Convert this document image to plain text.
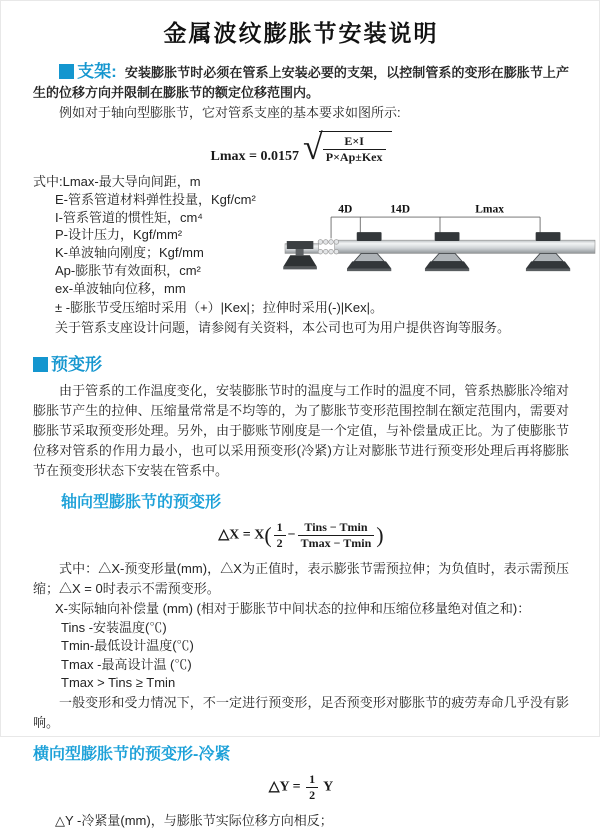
金属波纹膨胀节安装说明

支架: 安装膨胀节时必须在管系上安装必要的支架，以控制管系的变形在膨胀节上产生的位移方向并限制在膨胀节的额定位移范围内。

例如对于轴向型膨胀节，它对管系支座的基本要求如图所示:

Lmax = 0.0157 √ $\frac{E\times I}{\text{P×Ap±Kex}}$
式中:Lmax-最大导向间距，m
E-管系管道材料弹性投量，Kgf/cm²
I-管系管道的惯性矩，cm⁴
P-设计压力，Kgf/mm²
K-单波轴向刚度；Kgf/mm
Ap-膨胀节有效面积，cm²
ex-单波轴向位移，mm
4D	14D	Lmax

± -膨胀节受压缩时采用（+）|Kex|；拉伸时采用(-)|Kex|。

关于管系支座设计问题，请参阅有关资料，本公司也可为用户提供咨询等服务。

预变形

由于管系的工作温度变化，安装膨胀节时的温度与工作时的温度不同，管系热膨胀冷缩对膨胀节产生的拉伸、压缩量常常是不均等的，为了膨胀节变形范围控制在额定范围内，需要对膨胀节采取预变形处理。另外，由于膨账节刚度是一个定值，与补偿量成正比。为了使膨胀节位移对管系的作用力最小，也可以采用预变形(冷紧)方让对膨胀节进行预变形处理后再将膨胀节在预变形状态下安装在管系中。

轴向型膨胀节的预变形
△X = $X( \frac{1}{2} - \frac{\text{Tins − Tmin}}{Tmax - Tmin}$ )

式中：△X-预变形量(mm)，△X为正值时，表示膨张节需预拉伸；为负值时，表示需预压缩；△X = 0时表示不需预变形。

X-实际轴向补偿量 (mm) (相对于膨胀节中间状态的拉伸和压缩位移量绝对值之和)：

Tins -安装温度(℃)
Tmin-最低设计温度(℃)
Tmax -最高设计温 (℃)
Tmax > Tins ≥ Tmin

一般变形和受力情况下，不一定进行预变形，足否预变形对膨胀节的疲劳寿命几乎没有影响。

横向型膨胀节的预变形-冷紧
△Y = $\frac{1}{2}$ Y

△Y -冷紧量(mm)，与膨胀节实际位移方向相反；
